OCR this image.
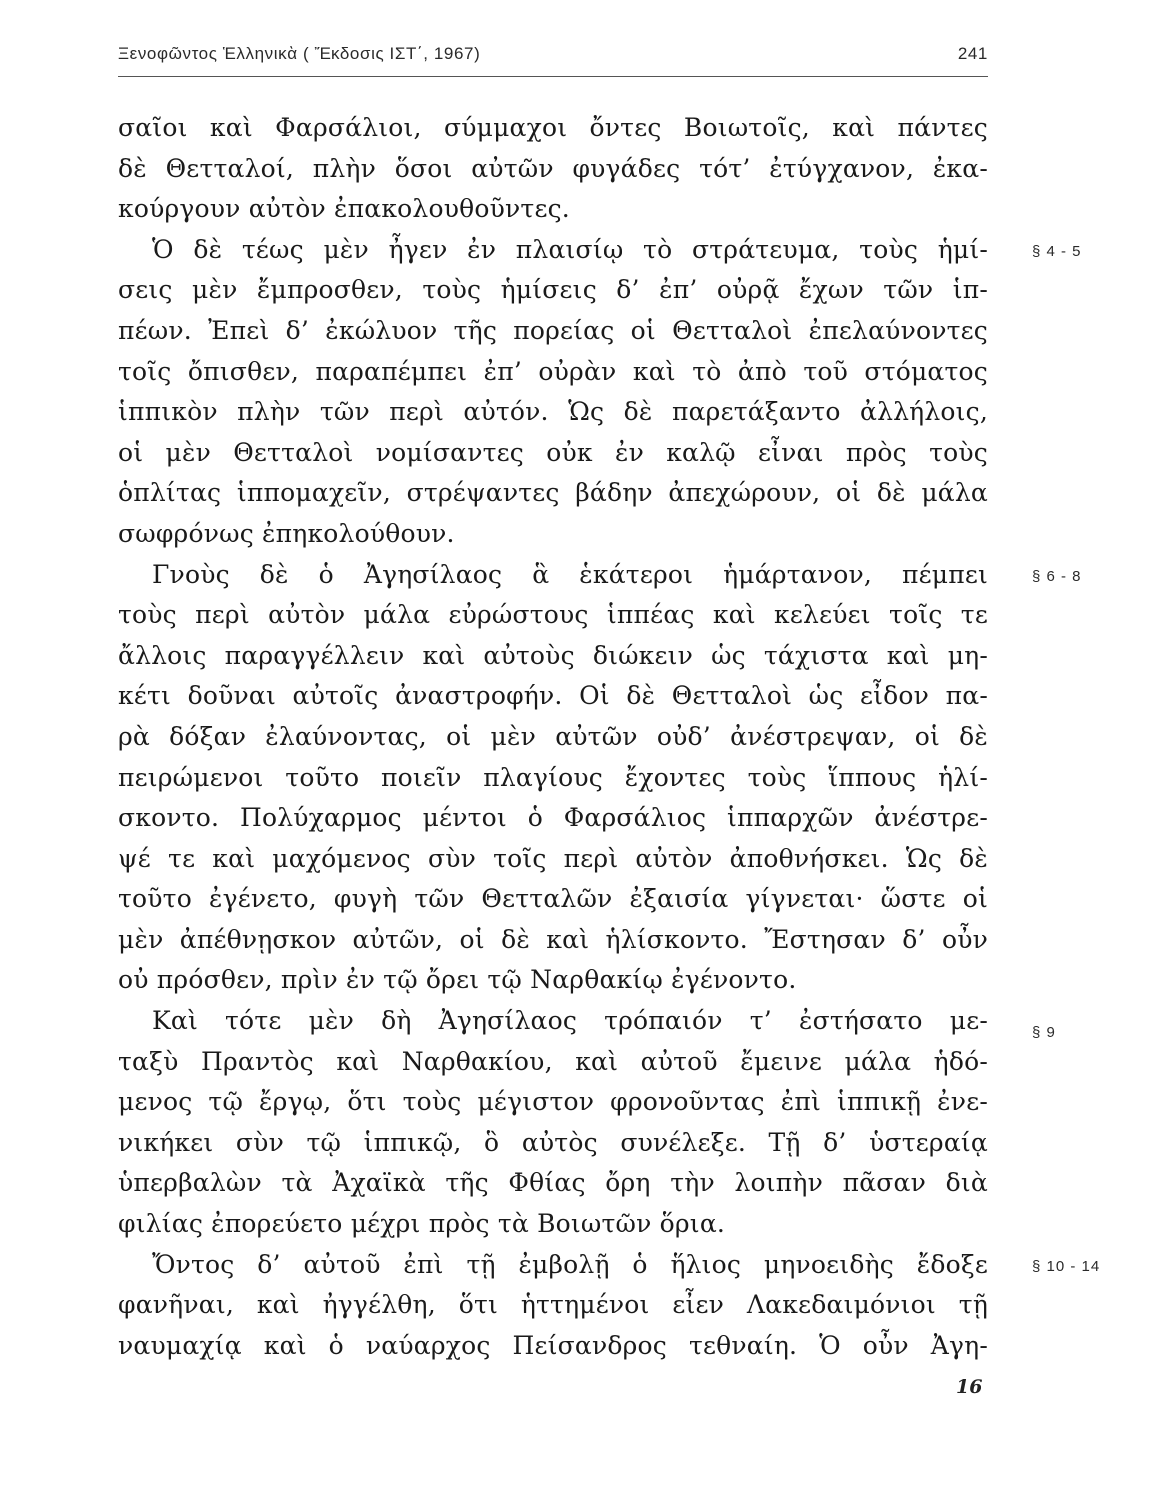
Ξενοφῶντος Ἑλληνικὰ ( Ἔκδοσις ΙΣΤ΄, 1967)	241
σαῖοι καὶ Φαρσάλιοι, σύμμαχοι ὄντες Βοιωτοῖς, καὶ πάντες
δὲ Θετταλοί, πλὴν ὅσοι αὐτῶν φυγάδες τότ’ ἐτύγχανον, ἐκα-
κούργουν αὐτὸν ἐπακολουθοῦντες.
Ὁ δὲ τέως μὲν ἦγεν ἐν πλαισίῳ τὸ στράτευμα, τοὺς ἡμί-	§ 4 - 5
σεις μὲν ἔμπροσθεν, τοὺς ἡμίσεις δ’ ἐπ’ οὐρᾷ ἔχων τῶν ἱπ-
πέων. Ἐπεὶ δ’ ἐκώλυον τῆς πορείας οἱ Θετταλοὶ ἐπελαύνοντες
τοῖς ὄπισθεν, παραπέμπει ἐπ’ οὐρὰν καὶ τὸ ἀπὸ τοῦ στόματος
ἱππικὸν πλὴν τῶν περὶ αὐτόν. Ὡς δὲ παρετάξαντο ἀλλήλοις,
οἱ μὲν Θετταλοὶ νομίσαντες οὐκ ἐν καλῷ εἶναι πρὸς τοὺς
ὁπλίτας ἱππομαχεῖν, στρέψαντες βάδην ἀπεχώρουν, οἱ δὲ μάλα
σωφρόνως ἐπηκολούθουν.
Γνοὺς δὲ ὁ Ἀγησίλαος ἃ ἑκάτεροι ἡμάρτανον, πέμπει	§ 6 - 8
τοὺς περὶ αὐτὸν μάλα εὐρώστους ἱππέας καὶ κελεύει τοῖς τε
ἄλλοις παραγγέλλειν καὶ αὐτοὺς διώκειν ὡς τάχιστα καὶ μη-
κέτι δοῦναι αὐτοῖς ἀναστροφήν. Οἱ δὲ Θετταλοὶ ὡς εἶδον πα-
ρὰ δόξαν ἐλαύνοντας, οἱ μὲν αὐτῶν οὐδ’ ἀνέστρεψαν, οἱ δὲ
πειρώμενοι τοῦτο ποιεῖν πλαγίους ἔχοντες τοὺς ἵππους ἡλί-
σκοντο. Πολύχαρμος μέντοι ὁ Φαρσάλιος ἱππαρχῶν ἀνέστρε-
ψέ τε καὶ μαχόμενος σὺν τοῖς περὶ αὐτὸν ἀποθνήσκει. Ὡς δὲ
τοῦτο ἐγένετο, φυγὴ τῶν Θετταλῶν ἐξαισία γίγνεται· ὥστε οἱ
μὲν ἀπέθνῃσκον αὐτῶν, οἱ δὲ καὶ ἡλίσκοντο. Ἔστησαν δ’ οὖν
οὐ πρόσθεν, πρὶν ἐν τῷ ὄρει τῷ Ναρθακίῳ ἐγένοντο.
Καὶ τότε μὲν δὴ Ἀγησίλαος τρόπαιόν τ’ ἐστήσατο με-	§ 9
ταξὺ Πραντὸς καὶ Ναρθακίου, καὶ αὐτοῦ ἔμεινε μάλα ἡδό-
μενος τῷ ἔργῳ, ὅτι τοὺς μέγιστον φρονοῦντας ἐπὶ ἱππικῇ ἐνε-
νικήκει σὺν τῷ ἱππικῷ, ὃ αὐτὸς συνέλεξε. Τῇ δ’ ὑστεραίᾳ
ὑπερβαλὼν τὰ Ἀχαϊκὰ τῆς Φθίας ὄρη τὴν λοιπὴν πᾶσαν διὰ
φιλίας ἐπορεύετο μέχρι πρὸς τὰ Βοιωτῶν ὅρια.
Ὄντος δ’ αὐτοῦ ἐπὶ τῇ ἐμβολῇ ὁ ἥλιος μηνοειδὴς ἔδοξε	§ 10 - 14
φανῆναι, καὶ ἠγγέλθη, ὅτι ἡττημένοι εἶεν Λακεδαιμόνιοι τῇ
ναυμαχίᾳ καὶ ὁ ναύαρχος Πείσανδρος τεθναίη. Ὁ οὖν Ἀγη-
16
